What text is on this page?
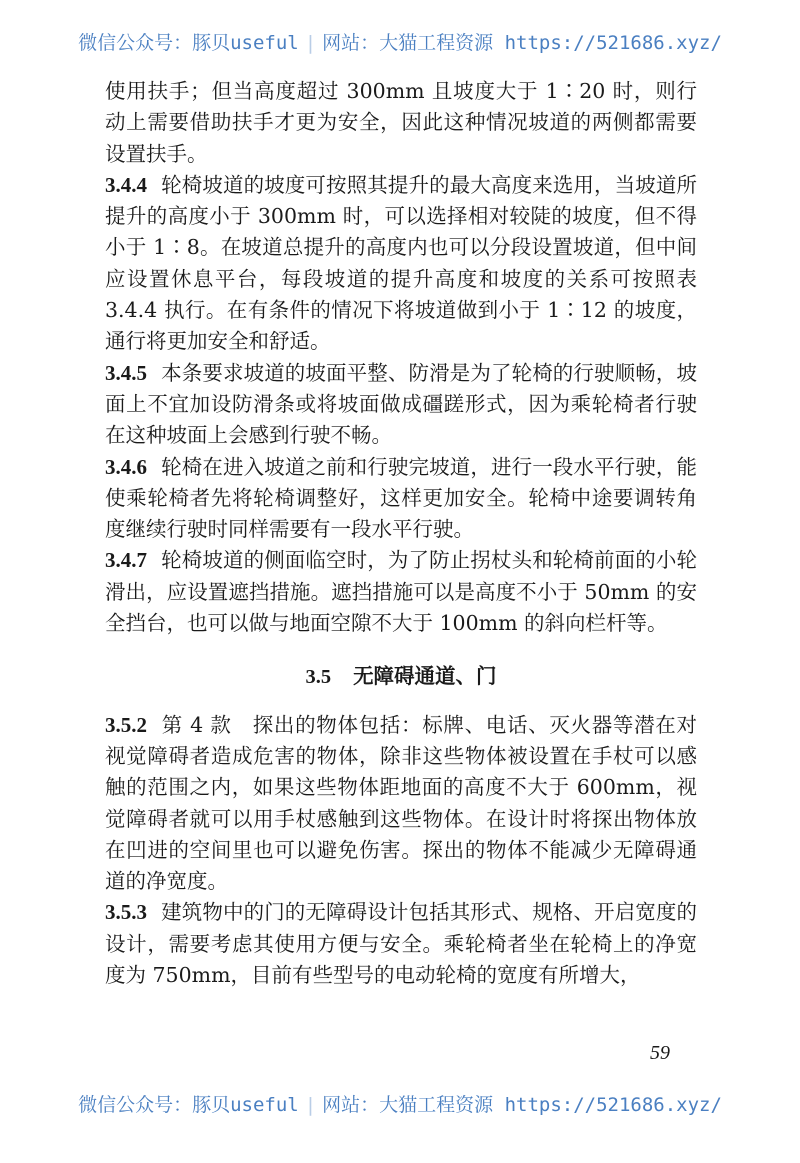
微信公众号：豚贝useful | 网站：大猫工程资源 https://521686.xyz/

使用扶手；但当高度超过 300mm 且坡度大于 1∶20 时，则行动上需要借助扶手才更为安全，因此这种情况坡道的两侧都需要设置扶手。

3.4.4 轮椅坡道的坡度可按照其提升的最大高度来选用，当坡道所提升的高度小于 300mm 时，可以选择相对较陡的坡度，但不得小于 1∶8。在坡道总提升的高度内也可以分段设置坡道，但中间应设置休息平台，每段坡道的提升高度和坡度的关系可按照表 3.4.4 执行。在有条件的情况下将坡道做到小于 1∶12 的坡度，通行将更加安全和舒适。

3.4.5 本条要求坡道的坡面平整、防滑是为了轮椅的行驶顺畅，坡面上不宜加设防滑条或将坡面做成礓蹉形式，因为乘轮椅者行驶在这种坡面上会感到行驶不畅。

3.4.6 轮椅在进入坡道之前和行驶完坡道，进行一段水平行驶，能使乘轮椅者先将轮椅调整好，这样更加安全。轮椅中途要调转角度继续行驶时同样需要有一段水平行驶。

3.4.7 轮椅坡道的侧面临空时，为了防止拐杖头和轮椅前面的小轮滑出，应设置遮挡措施。遮挡措施可以是高度不小于 50mm 的安全挡台，也可以做与地面空隙不大于 100mm 的斜向栏杆等。

3.5 无障碍通道、门

3.5.2 第 4 款　探出的物体包括：标牌、电话、灭火器等潜在对视觉障碍者造成危害的物体，除非这些物体被设置在手杖可以感触的范围之内，如果这些物体距地面的高度不大于 600mm，视觉障碍者就可以用手杖感触到这些物体。在设计时将探出物体放在凹进的空间里也可以避免伤害。探出的物体不能减少无障碍通道的净宽度。

3.5.3 建筑物中的门的无障碍设计包括其形式、规格、开启宽度的设计，需要考虑其使用方便与安全。乘轮椅者坐在轮椅上的净宽度为 750mm，目前有些型号的电动轮椅的宽度有所增大，

59
微信公众号：豚贝useful | 网站：大猫工程资源 https://521686.xyz/
